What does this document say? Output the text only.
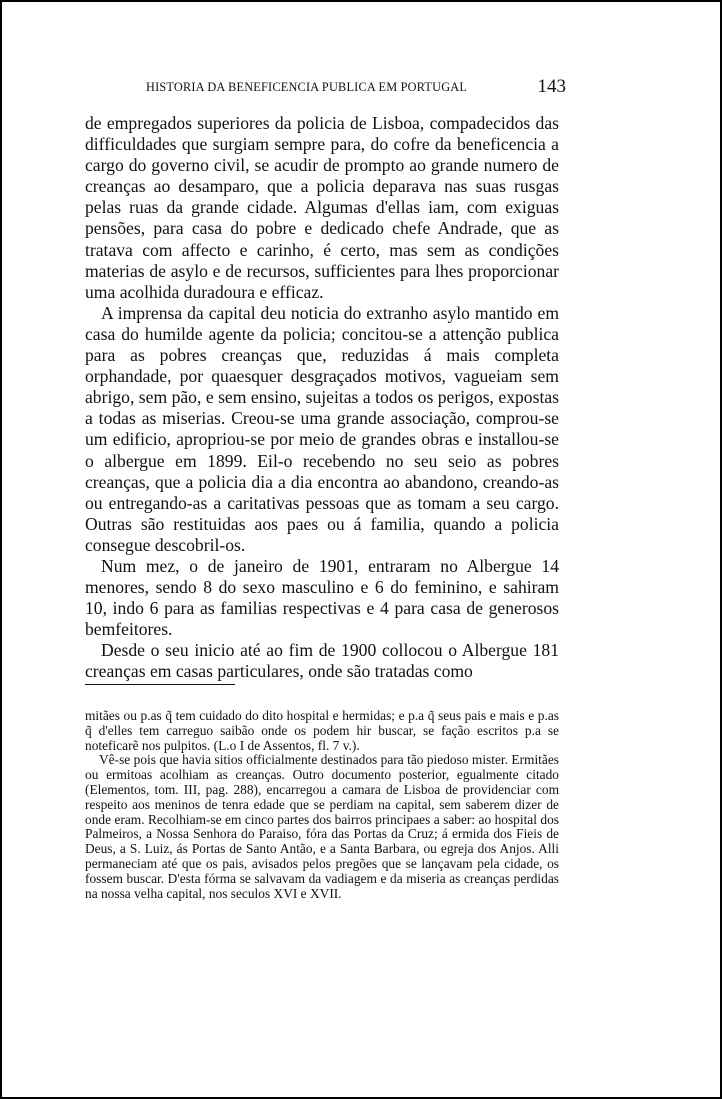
HISTORIA DA BENEFICENCIA PUBLICA EM PORTUGAL	143

de empregados superiores da policia de Lisboa, compadecidos das difficuldades que surgiam sempre para, do cofre da beneficencia a cargo do governo civil, se acudir de prompto ao grande numero de creanças ao desamparo, que a policia deparava nas suas rusgas pelas ruas da grande cidade. Algumas d'ellas iam, com exiguas pensões, para casa do pobre e dedicado chefe Andrade, que as tratava com affecto e carinho, é certo, mas sem as condições materias de asylo e de recursos, sufficientes para lhes proporcionar uma acolhida duradoura e efficaz.

A imprensa da capital deu noticia do extranho asylo mantido em casa do humilde agente da policia; concitou-se a attenção publica para as pobres creanças que, reduzidas á mais completa orphandade, por quaesquer desgraçados motivos, vagueiam sem abrigo, sem pão, e sem ensino, sujeitas a todos os perigos, expostas a todas as miserias. Creou-se uma grande associação, comprou-se um edificio, apropriou-se por meio de grandes obras e installou-se o albergue em 1899. Eil-o recebendo no seu seio as pobres creanças, que a policia dia a dia encontra ao abandono, creando-as ou entregando-as a caritativas pessoas que as tomam a seu cargo. Outras são restituidas aos paes ou á familia, quando a policia consegue descobril-os.

Num mez, o de janeiro de 1901, entraram no Albergue 14 menores, sendo 8 do sexo masculino e 6 do feminino, e sahiram 10, indo 6 para as familias respectivas e 4 para casa de generosos bemfeitores.

Desde o seu inicio até ao fim de 1900 collocou o Albergue 181 creanças em casas particulares, onde são tratadas como

mitães ou p.as q̃ tem cuidado do dito hospital e hermidas; e p.a q̃ seus pais e mais e p.as q̃ d'elles tem carreguo saibão onde os podem hir buscar, se fação escritos p.a se noteficarẽ nos pulpitos. (L.o I de Assentos, fl. 7 v.).

Vê-se pois que havia sitios officialmente destinados para tão piedoso mister. Ermitães ou ermitoas acolhiam as creanças. Outro documento posterior, egualmente citado (Elementos, tom. III, pag. 288), encarregou a camara de Lisboa de providenciar com respeito aos meninos de tenra edade que se perdiam na capital, sem saberem dizer de onde eram. Recolhiam-se em cinco partes dos bairros principaes a saber: ao hospital dos Palmeiros, a Nossa Senhora do Paraiso, fóra das Portas da Cruz; á ermida dos Fieis de Deus, a S. Luiz, ás Portas de Santo Antão, e a Santa Barbara, ou egreja dos Anjos. Alli permaneciam até que os pais, avisados pelos pregões que se lançavam pela cidade, os fossem buscar. D'esta fórma se salvavam da vadiagem e da miseria as creanças perdidas na nossa velha capital, nos seculos XVI e XVII.
